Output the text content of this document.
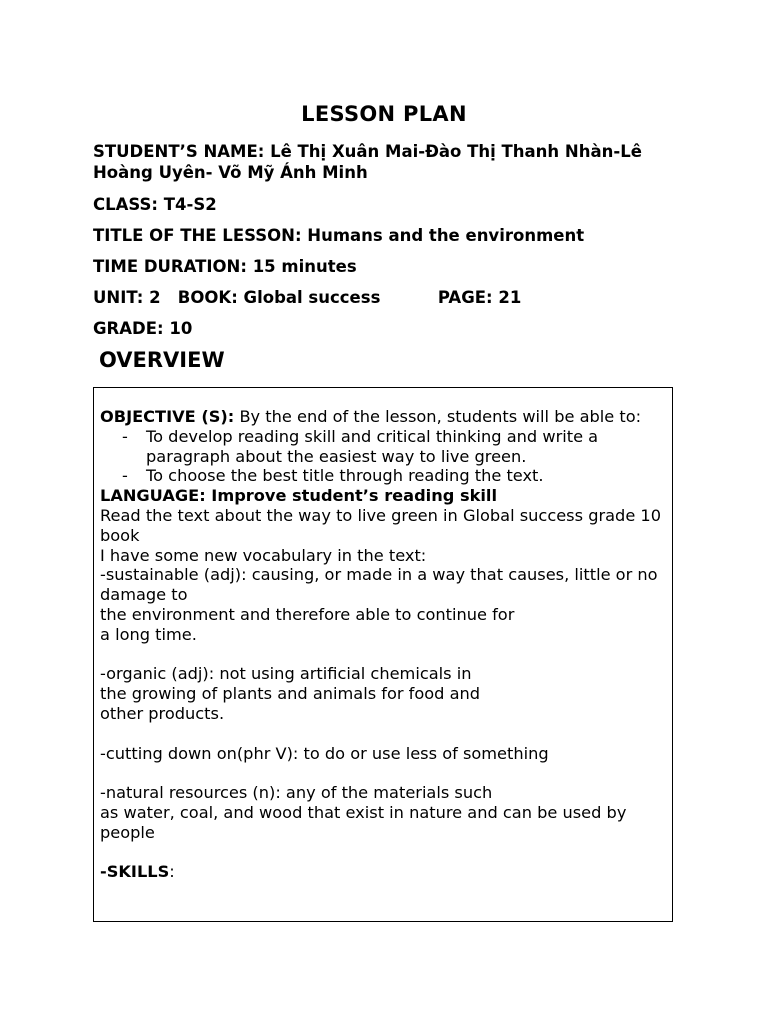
LESSON PLAN
STUDENT’S NAME: Lê Thị Xuân Mai-Đào Thị Thanh Nhàn-Lê Hoàng Uyên- Võ Mỹ Ánh Minh
CLASS: T4-S2
TITLE OF THE LESSON: Humans and the environment
TIME DURATION: 15 minutes
UNIT: 2 BOOK: Global success	PAGE: 21
GRADE: 10
OVERVIEW

OBJECTIVE (S): By the end of the lesson, students will be able to:

- To develop reading skill and critical thinking and write a paragraph about the easiest way to live green.
- To choose the best title through reading the text.

LANGUAGE: Improve student’s reading skill

Read the text about the way to live green in Global success grade 10 book

I have some new vocabulary in the text:

-sustainable (adj): causing, or made in a way that causes, little or no damage to

the environment and therefore able to continue for

a long time.

-organic (adj): not using artificial chemicals in

the growing of plants and animals for food and

other products.

-cutting down on(phr V): to do or use less of something

-natural resources (n): any of the materials such

as water, coal, and wood that exist in nature and can be used by people

-SKILLS:
